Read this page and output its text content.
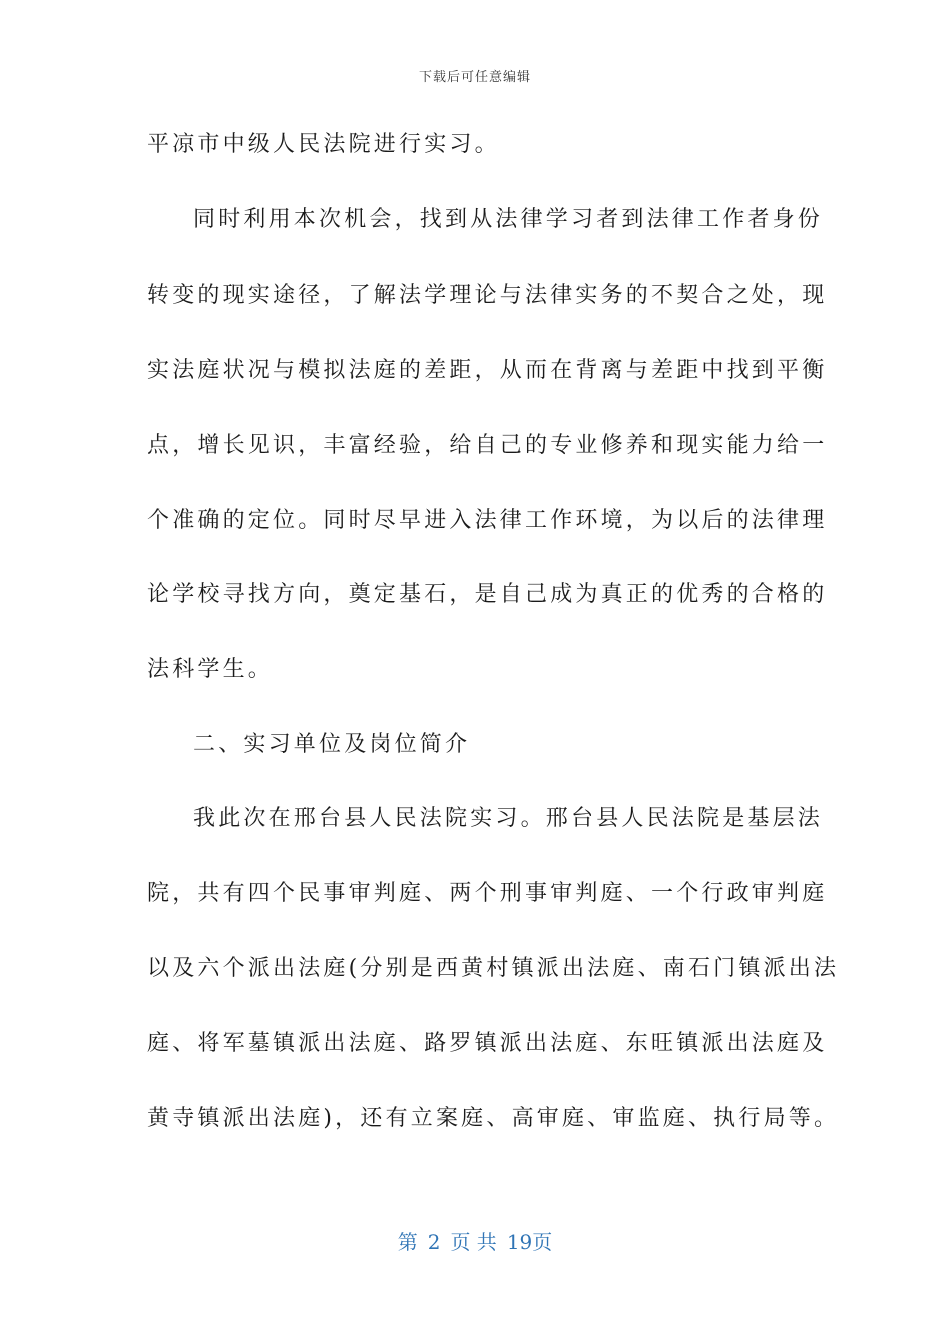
下载后可任意编辑
平凉市中级人民法院进行实习。
同时利用本次机会，找到从法律学习者到法律工作者身份
转变的现实途径，了解法学理论与法律实务的不契合之处，现
实法庭状况与模拟法庭的差距，从而在背离与差距中找到平衡
点，增长见识，丰富经验，给自己的专业修养和现实能力给一
个准确的定位。同时尽早进入法律工作环境，为以后的法律理
论学校寻找方向，奠定基石，是自己成为真正的优秀的合格的
法科学生。
二、实习单位及岗位简介
我此次在邢台县人民法院实习。邢台县人民法院是基层法
院，共有四个民事审判庭、两个刑事审判庭、一个行政审判庭
以及六个派出法庭(分别是西黄村镇派出法庭、南石门镇派出法
庭、将军墓镇派出法庭、路罗镇派出法庭、东旺镇派出法庭及
黄寺镇派出法庭)，还有立案庭、高审庭、审监庭、执行局等。
第 2 页 共 19页
